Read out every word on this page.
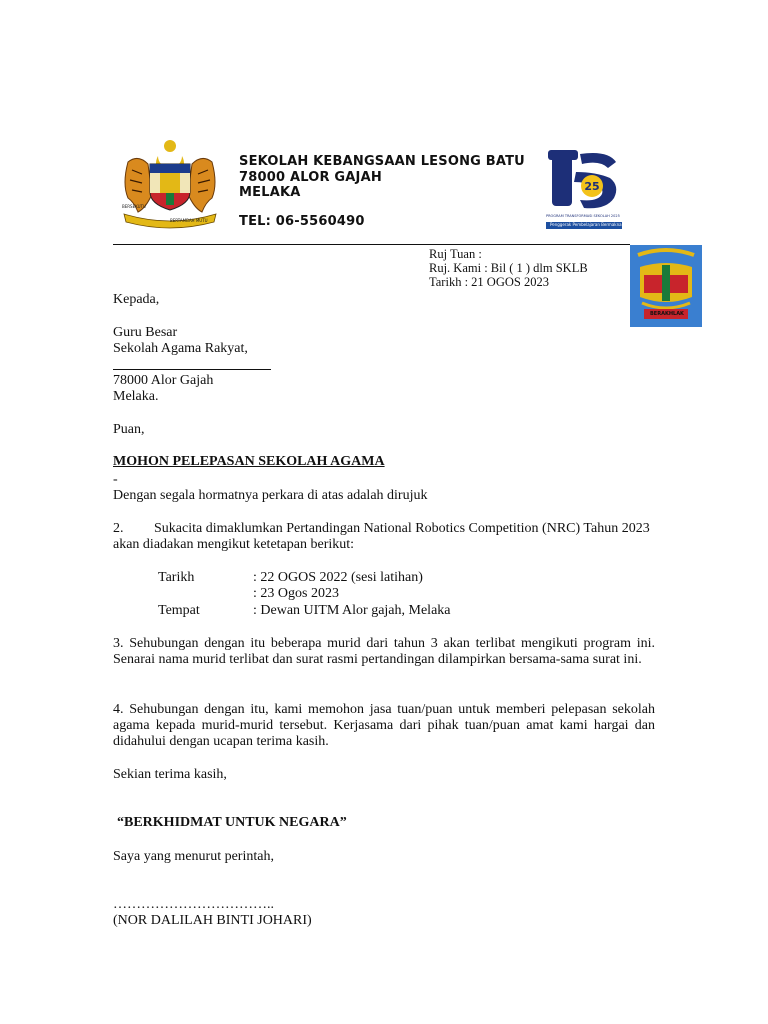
BERSEKUTU
BERTAMBAH MUTU
SEKOLAH KEBANGSAAN LESONG BATU
78000 ALOR GAJAH
MELAKA
TEL: 06-5560490
25
PROGRAM TRANSFORMASI SEKOLAH 2025
Penggerak Pembelajaran Bermakna
Ruj Tuan :
Ruj. Kami : Bil ( 1 ) dlm SKLB
Tarikh : 21 OGOS 2023
BERAKHLAK
Kepada,
Guru Besar
Sekolah Agama Rakyat,
78000 Alor Gajah
Melaka.
Puan,
MOHON PELEPASAN SEKOLAH AGAMA
-
Dengan segala hormatnya perkara di atas adalah dirujuk
2. Sukacita dimaklumkan Pertandingan National Robotics Competition (NRC) Tahun 2023
akan diadakan mengikut ketetapan berikut:
Tarikh	: 22 OGOS 2022 (sesi latihan)
: 23 Ogos 2023
Tempat	: Dewan UITM Alor gajah, Melaka
3. Sehubungan dengan itu beberapa murid dari tahun 3 akan terlibat mengikuti program ini. Senarai nama murid terlibat dan surat rasmi pertandingan dilampirkan bersama-sama surat ini.
4. Sehubungan dengan itu, kami memohon jasa tuan/puan untuk memberi pelepasan sekolah agama kepada murid-murid tersebut. Kerjasama dari pihak tuan/puan amat kami hargai dan didahului dengan ucapan terima kasih.
Sekian terima kasih,
“BERKHIDMAT UNTUK NEGARA”
Saya yang menurut perintah,
……………………………..
(NOR DALILAH BINTI JOHARI)
